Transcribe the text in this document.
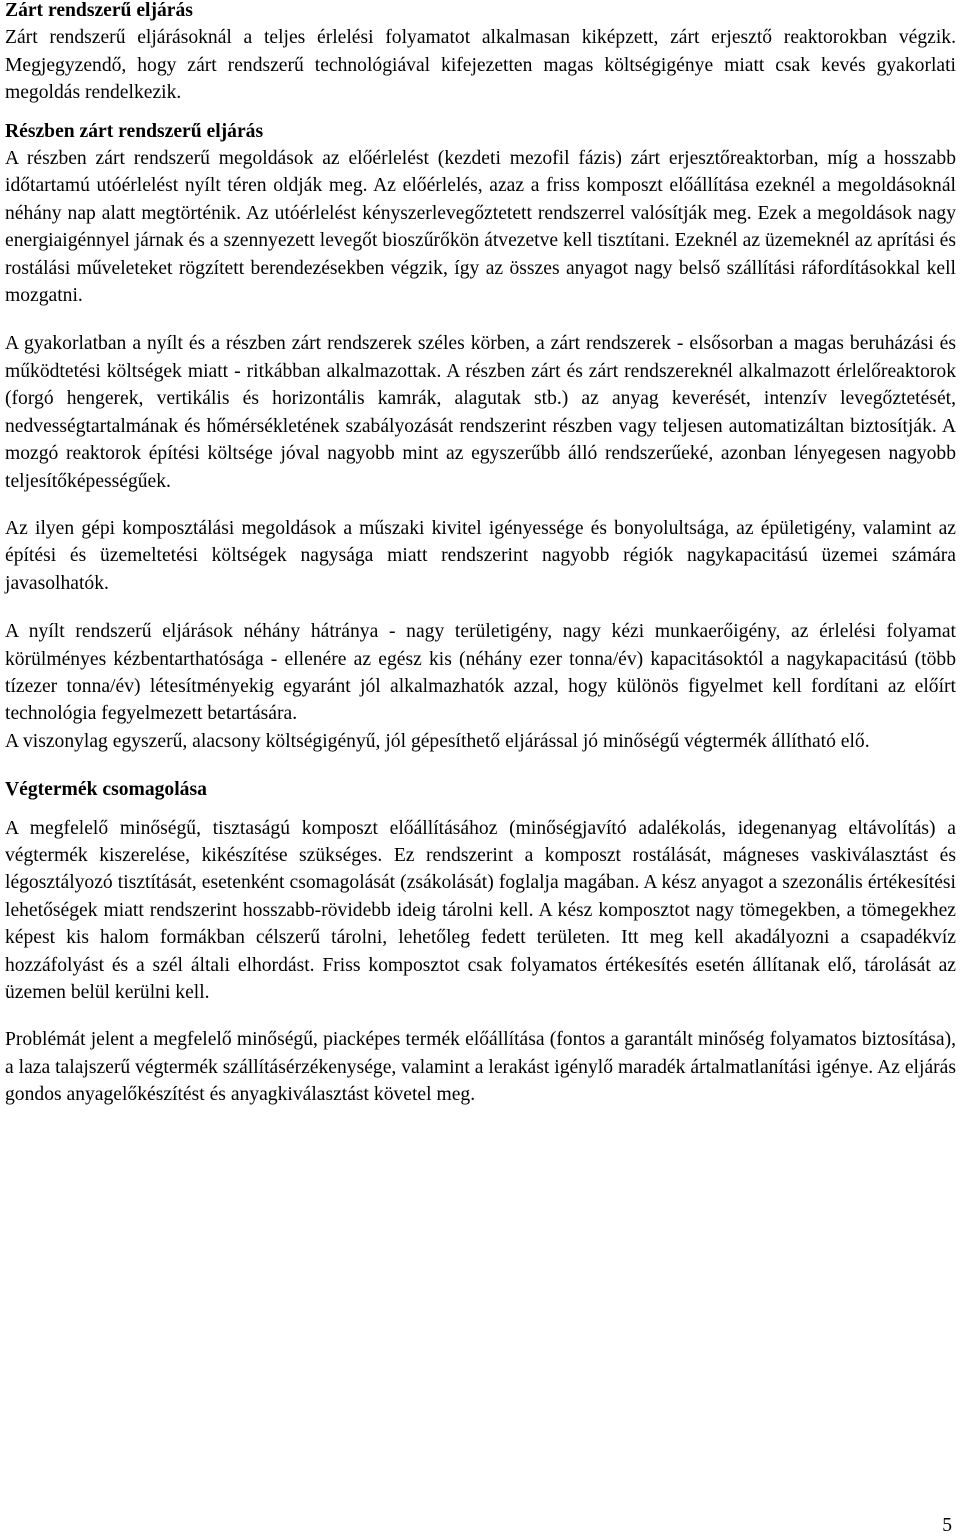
Zárt rendszerű eljárás

Zárt rendszerű eljárásoknál a teljes érlelési folyamatot alkalmasan kiképzett, zárt erjesztő reaktorokban végzik. Megjegyzendő, hogy zárt rendszerű technológiával kifejezetten magas költségigénye miatt csak kevés gyakorlati megoldás rendelkezik.

Részben zárt rendszerű eljárás

A részben zárt rendszerű megoldások az előérlelést (kezdeti mezofil fázis) zárt erjesztőreaktorban, míg a hosszabb időtartamú utóérlelést nyílt téren oldják meg. Az előérlelés, azaz a friss komposzt előállítása ezeknél a megoldásoknál néhány nap alatt megtörténik. Az utóérlelést kényszerlevegőztetett rendszerrel valósítják meg. Ezek a megoldások nagy energiaigénnyel járnak és a szennyezett levegőt bioszűrőkön átvezetve kell tisztítani. Ezeknél az üzemeknél az aprítási és rostálási műveleteket rögzített berendezésekben végzik, így az összes anyagot nagy belső szállítási ráfordításokkal kell mozgatni.

A gyakorlatban a nyílt és a részben zárt rendszerek széles körben, a zárt rendszerek - elsősorban a magas beruházási és működtetési költségek miatt - ritkábban alkalmazottak. A részben zárt és zárt rendszereknél alkalmazott érlelőreaktorok (forgó hengerek, vertikális és horizontális kamrák, alagutak stb.) az anyag keverését, intenzív levegőztetését, nedvességtartalmának és hőmérsékletének szabályozását rendszerint részben vagy teljesen automatizáltan biztosítják. A mozgó reaktorok építési költsége jóval nagyobb mint az egyszerűbb álló rendszerűeké, azonban lényegesen nagyobb teljesítőképességűek.

Az ilyen gépi komposztálási megoldások a műszaki kivitel igényessége és bonyolultsága, az épületigény, valamint az építési és üzemeltetési költségek nagysága miatt rendszerint nagyobb régiók nagykapacitású üzemei számára javasolhatók.

A nyílt rendszerű eljárások néhány hátránya - nagy területigény, nagy kézi munkaerőigény, az érlelési folyamat körülményes kézbentarthatósága - ellenére az egész kis (néhány ezer tonna/év) kapacitásoktól a nagykapacitású (több tízezer tonna/év) létesítményekig egyaránt jól alkalmazhatók azzal, hogy különös figyelmet kell fordítani az előírt technológia fegyelmezett betartására.

A viszonylag egyszerű, alacsony költségigényű, jól gépesíthető eljárással jó minőségű végtermék állítható elő.

Végtermék csomagolása

A megfelelő minőségű, tisztaságú komposzt előállításához (minőségjavító adalékolás, idegenanyag eltávolítás) a végtermék kiszerelése, kikészítése szükséges. Ez rendszerint a komposzt rostálását, mágneses vaskiválasztást és légosztályozó tisztítását, esetenként csomagolását (zsákolását) foglalja magában. A kész anyagot a szezonális értékesítési lehetőségek miatt rendszerint hosszabb-rövidebb ideig tárolni kell. A kész komposztot nagy tömegekben, a tömegekhez képest kis halom formákban célszerű tárolni, lehetőleg fedett területen. Itt meg kell akadályozni a csapadékvíz hozzáfolyást és a szél általi elhordást. Friss komposztot csak folyamatos értékesítés esetén állítanak elő, tárolását az üzemen belül kerülni kell.

Problémát jelent a megfelelő minőségű, piacképes termék előállítása (fontos a garantált minőség folyamatos biztosítása), a laza talajszerű végtermék szállításérzékenysége, valamint a lerakást igénylő maradék ártalmatlanítási igénye. Az eljárás gondos anyagelőkészítést és anyagkiválasztást követel meg.

5
